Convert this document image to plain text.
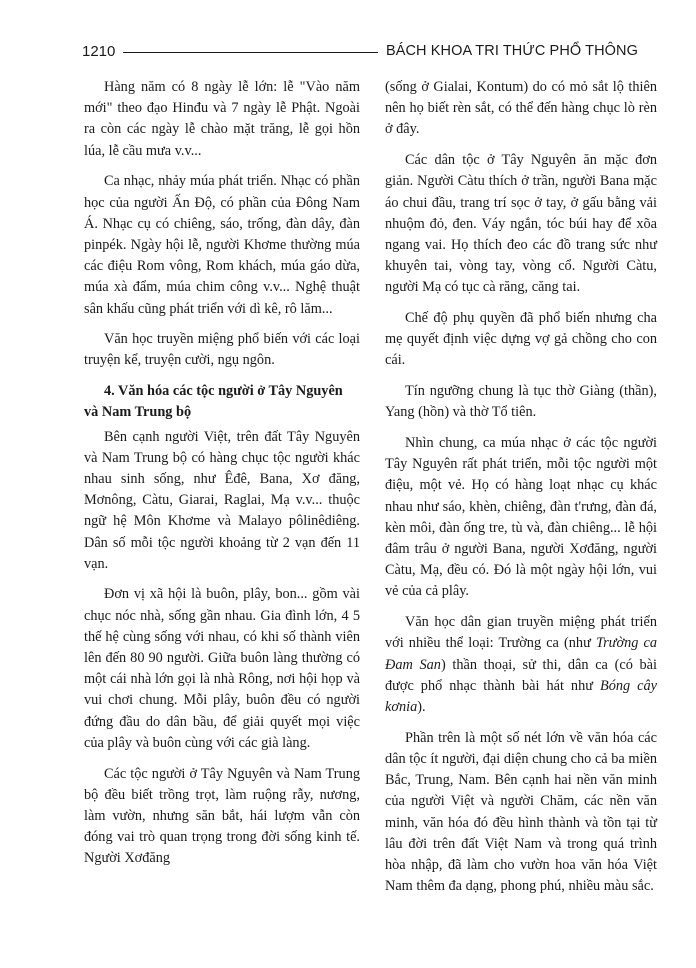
1210	BÁCH KHOA TRI THỨC PHỔ THÔNG

Hàng năm có 8 ngày lễ lớn: lễ "Vào năm mới" theo đạo Hinđu và 7 ngày lễ Phật. Ngoài ra còn các ngày lễ chào mặt trăng, lễ gọi hồn lúa, lễ cầu mưa v.v...

Ca nhạc, nhảy múa phát triển. Nhạc có phần học của người Ấn Độ, có phần của Đông Nam Á. Nhạc cụ có chiêng, sáo, trống, đàn dây, đàn pinpék. Ngày hội lễ, người Khơme thường múa các điệu Rom vông, Rom khách, múa gáo dừa, múa xà đẩm, múa chim công v.v... Nghệ thuật sân khấu cũng phát triển với dì kê, rô lăm...

Văn học truyền miệng phổ biến với các loại truyện kể, truyện cười, ngụ ngôn.

4. Văn hóa các tộc người ở Tây Nguyên và Nam Trung bộ

Bên cạnh người Việt, trên đất Tây Nguyên và Nam Trung bộ có hàng chục tộc người khác nhau sinh sống, như Êđê, Bana, Xơ đăng, Mơnông, Càtu, Giarai, Raglai, Mạ v.v... thuộc ngữ hệ Môn Khơme và Malayo pôlinêdiêng. Dân số mỗi tộc người khoảng từ 2 vạn đến 11 vạn.

Đơn vị xã hội là buôn, plây, bon... gồm vài chục nóc nhà, sống gần nhau. Gia đình lớn, 4 5 thế hệ cùng sống với nhau, có khi số thành viên lên đến 80 90 người. Giữa buôn làng thường có một cái nhà lớn gọi là nhà Rông, nơi hội họp và vui chơi chung. Mỗi plây, buôn đều có người đứng đầu do dân bầu, để giải quyết mọi việc của plây và buôn cùng với các già làng.

Các tộc người ở Tây Nguyên và Nam Trung bộ đều biết trồng trọt, làm ruộng rẫy, nương, làm vườn, nhưng săn bắt, hái lượm vẫn còn đóng vai trò quan trọng trong đời sống kinh tế. Người Xơđăng

(sống ở Gialai, Kontum) do có mỏ sắt lộ thiên nên họ biết rèn sắt, có thể đến hàng chục lò rèn ở đây.

Các dân tộc ở Tây Nguyên ăn mặc đơn giản. Người Càtu thích ở trần, người Bana mặc áo chui đầu, trang trí sọc ở tay, ở gấu bằng vải nhuộm đỏ, đen. Váy ngắn, tóc búi hay để xõa ngang vai. Họ thích đeo các đồ trang sức như khuyên tai, vòng tay, vòng cổ. Người Càtu, người Mạ có tục cà răng, căng tai.

Chế độ phụ quyền đã phổ biến nhưng cha mẹ quyết định việc dựng vợ gả chồng cho con cái.

Tín ngưỡng chung là tục thờ Giàng (thần), Yang (hồn) và thờ Tổ tiên.

Nhìn chung, ca múa nhạc ở các tộc người Tây Nguyên rất phát triển, mỗi tộc người một điệu, một vẻ. Họ có hàng loạt nhạc cụ khác nhau như sáo, khèn, chiêng, đàn t'rưng, đàn đá, kèn môi, đàn ống tre, tù và, đàn chiêng... lễ hội đâm trâu ở người Bana, người Xơđăng, người Càtu, Mạ, đều có. Đó là một ngày hội lớn, vui vẻ của cả plây.

Văn học dân gian truyền miệng phát triển với nhiều thể loại: Trường ca (như Trường ca Đam San) thần thoại, sử thi, dân ca (có bài được phổ nhạc thành bài hát như Bóng cây kơnia).

Phần trên là một số nét lớn về văn hóa các dân tộc ít người, đại diện chung cho cả ba miền Bắc, Trung, Nam. Bên cạnh hai nền văn minh của người Việt và người Chăm, các nền văn minh, văn hóa đó đều hình thành và tồn tại từ lâu đời trên đất Việt Nam và trong quá trình hòa nhập, đã làm cho vườn hoa văn hóa Việt Nam thêm đa dạng, phong phú, nhiều màu sắc.
